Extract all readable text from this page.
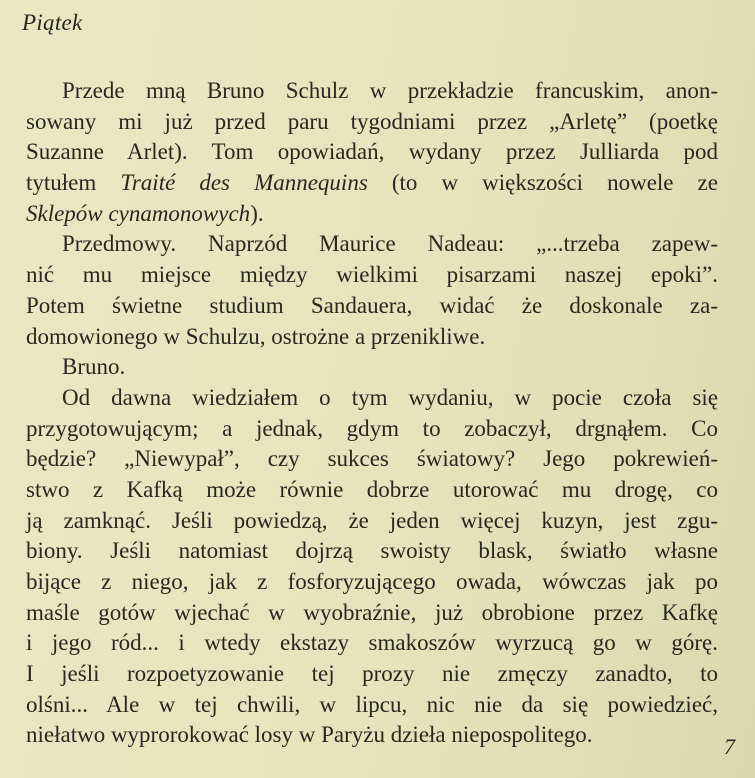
Piątek
Przede mną Bruno Schulz w przekładzie francuskim, anon-
sowany mi już przed paru tygodniami przez „Arletę” (poetkę
Suzanne Arlet). Tom opowiadań, wydany przez Julliarda pod
tytułem Traité des Mannequins (to w większości nowele ze
Sklepów cynamonowych).
Przedmowy. Naprzód Maurice Nadeau: „...trzeba zapew-
nić mu miejsce między wielkimi pisarzami naszej epoki”.
Potem świetne studium Sandauera, widać że doskonale za-
domowionego w Schulzu, ostrożne a przenikliwe.
Bruno.
Od dawna wiedziałem o tym wydaniu, w pocie czoła się
przygotowującym; a jednak, gdym to zobaczył, drgnąłem. Co
będzie? „Niewypał”, czy sukces światowy? Jego pokrewień-
stwo z Kafką może równie dobrze utorować mu drogę, co
ją zamknąć. Jeśli powiedzą, że jeden więcej kuzyn, jest zgu-
biony. Jeśli natomiast dojrzą swoisty blask, światło własne
bijące z niego, jak z fosforyzującego owada, wówczas jak po
maśle gotów wjechać w wyobraźnie, już obrobione przez Kafkę
i jego ród... i wtedy ekstazy smakoszów wyrzucą go w górę.
I jeśli rozpoetyzowanie tej prozy nie zmęczy zanadto, to
olśni... Ale w tej chwili, w lipcu, nic nie da się powiedzieć,
niełatwo wyprorokować losy w Paryżu dzieła niepospolitego.	7
